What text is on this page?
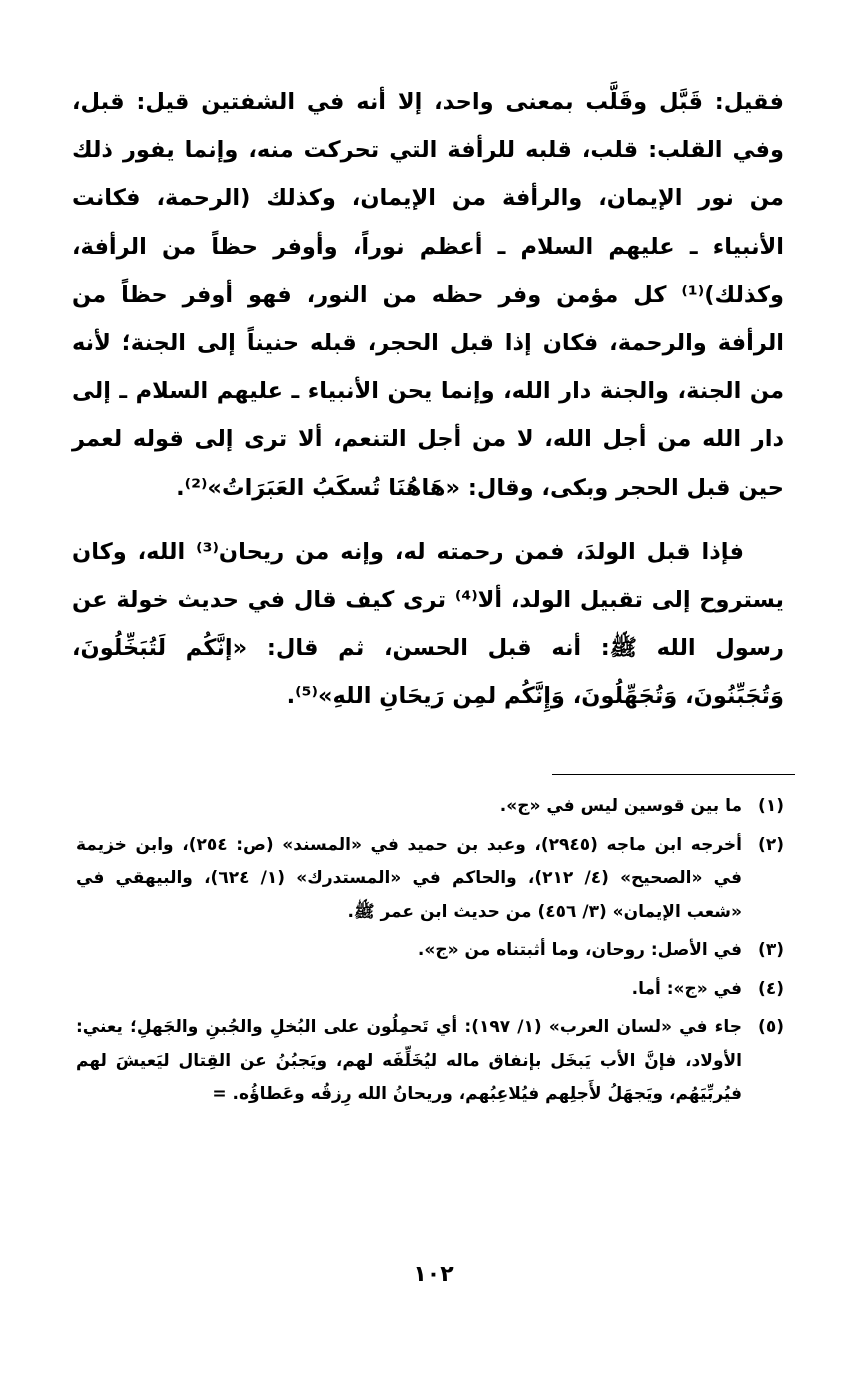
فقيل: قَبَّل وقَلَّب بمعنى واحد، إلا أنه في الشفتين قيل: قبل، وفي القلب: قلب، قلبه للرأفة التي تحركت منه، وإنما يفور ذلك من نور الإيمان، والرأفة من الإيمان، وكذلك (الرحمة، فكانت الأنبياء ـ عليهم السلام ـ أعظم نوراً، وأوفر حظاً من الرأفة، وكذلك)⁽¹⁾ كل مؤمن وفر حظه من النور، فهو أوفر حظاً من الرأفة والرحمة، فكان إذا قبل الحجر، قبله حنيناً إلى الجنة؛ لأنه من الجنة، والجنة دار الله، وإنما يحن الأنبياء ـ عليهم السلام ـ إلى دار الله من أجل الله، لا من أجل التنعم، ألا ترى إلى قوله لعمر حين قبل الحجر وبكى، وقال: «هَاهُنَا تُسكَبُ العَبَرَاتُ»⁽²⁾.

فإذا قبل الولدَ، فمن رحمته له، وإنه من ريحان⁽³⁾ الله، وكان يستروح إلى تقبيل الولد، ألا⁽⁴⁾ ترى كيف قال في حديث خولة عن رسول الله ﷺ: أنه قبل الحسن، ثم قال: «إنَّكُم لَتُبَخِّلُونَ، وَتُجَبِّنُونَ، وَتُجَهِّلُونَ، وَإِنَّكُم لمِن رَيحَانِ اللهِ»⁽⁵⁾.

(١)
ما بين قوسين ليس في «ج».
(٢)
أخرجه ابن ماجه (٢٩٤٥)، وعبد بن حميد في «المسند» (ص: ٢٥٤)، وابن خزيمة في «الصحيح» (٤/ ٢١٢)، والحاكم في «المستدرك» (١/ ٦٢٤)، والبيهقي في «شعب الإيمان» (٣/ ٤٥٦) من حديث ابن عمر ﷺ.
(٣)
في الأصل: روحان، وما أثبتناه من «ج».
(٤)
في «ج»: أما.
(٥)
جاء في «لسان العرب» (١/ ١٩٧): أي تَحمِلُون على البُخلِ والجُبنِ والجَهلِ؛ يعني: الأولاد، فإنَّ الأب يَبخَل بإنفاق ماله ليُخَلِّفَه لهم، ويَجبُنُ عن القِتال ليَعيشَ لهم فيُربِّيَهُم، ويَجهَلُ لأَجلِهم فيُلاعِبُهم، وريحانُ الله رِزقُه وعَطاؤُه. =
١٠٢
